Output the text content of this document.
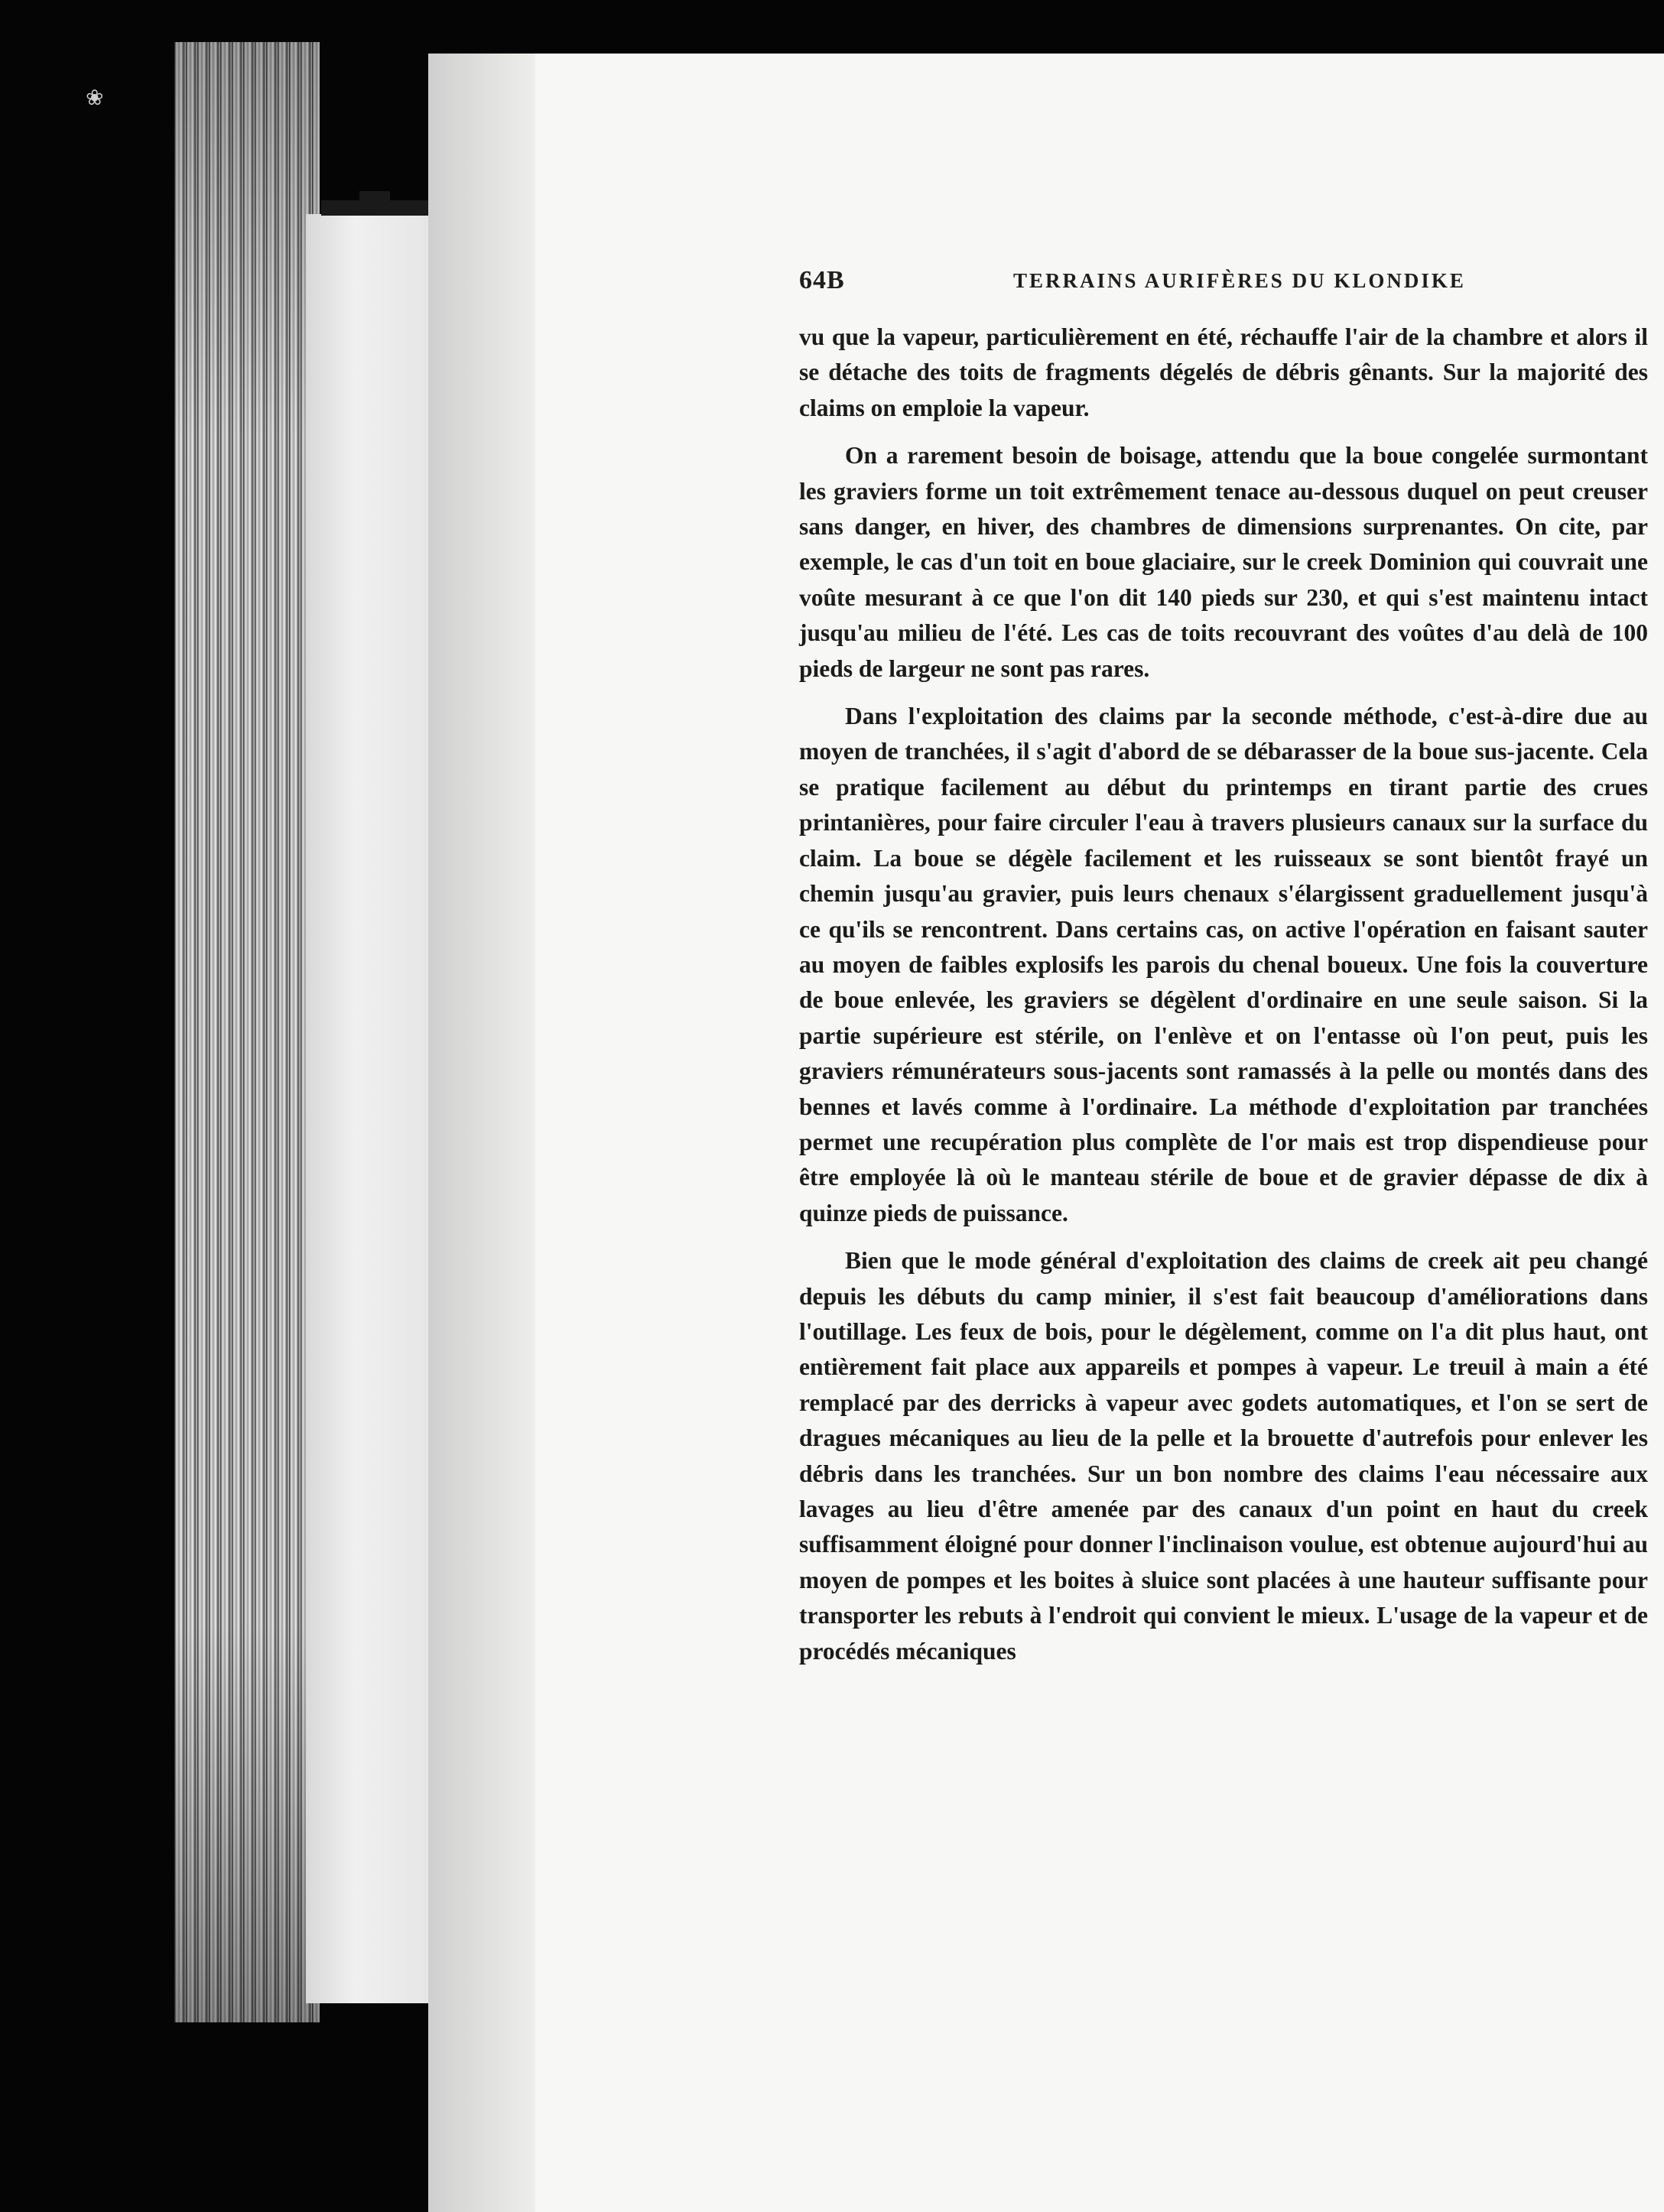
❀
64B	TERRAINS AURIFÈRES DU KLONDIKE

vu que la vapeur, particulièrement en été, réchauffe l'air de la chambre et alors il se détache des toits de fragments dégelés de débris gênants. Sur la majorité des claims on emploie la vapeur.

On a rarement besoin de boisage, attendu que la boue congelée surmontant les graviers forme un toit extrêmement tenace au-dessous duquel on peut creuser sans danger, en hiver, des chambres de dimensions surprenantes. On cite, par exemple, le cas d'un toit en boue glaciaire, sur le creek Dominion qui couvrait une voûte mesurant à ce que l'on dit 140 pieds sur 230, et qui s'est maintenu intact jusqu'au milieu de l'été. Les cas de toits recouvrant des voûtes d'au delà de 100 pieds de largeur ne sont pas rares.

Dans l'exploitation des claims par la seconde méthode, c'est-à-dire due au moyen de tranchées, il s'agit d'abord de se débarasser de la boue sus-jacente. Cela se pratique facilement au début du printemps en tirant partie des crues printanières, pour faire circuler l'eau à travers plusieurs canaux sur la surface du claim. La boue se dégèle facilement et les ruisseaux se sont bientôt frayé un chemin jusqu'au gravier, puis leurs chenaux s'élargissent graduellement jusqu'à ce qu'ils se rencontrent. Dans certains cas, on active l'opération en faisant sauter au moyen de faibles explosifs les parois du chenal boueux. Une fois la couverture de boue enlevée, les graviers se dégèlent d'ordinaire en une seule saison. Si la partie supérieure est stérile, on l'enlève et on l'entasse où l'on peut, puis les graviers rémunérateurs sous-jacents sont ramassés à la pelle ou montés dans des bennes et lavés comme à l'ordinaire. La méthode d'exploitation par tranchées permet une recupération plus complète de l'or mais est trop dispendieuse pour être employée là où le manteau stérile de boue et de gravier dépasse de dix à quinze pieds de puissance.

Bien que le mode général d'exploitation des claims de creek ait peu changé depuis les débuts du camp minier, il s'est fait beaucoup d'améliorations dans l'outillage. Les feux de bois, pour le dégèlement, comme on l'a dit plus haut, ont entièrement fait place aux appareils et pompes à vapeur. Le treuil à main a été remplacé par des derricks à vapeur avec godets automatiques, et l'on se sert de dragues mécaniques au lieu de la pelle et la brouette d'autrefois pour enlever les débris dans les tranchées. Sur un bon nombre des claims l'eau nécessaire aux lavages au lieu d'être amenée par des canaux d'un point en haut du creek suffisamment éloigné pour donner l'inclinaison voulue, est obtenue aujourd'hui au moyen de pompes et les boites à sluice sont placées à une hauteur suffisante pour transporter les rebuts à l'endroit qui convient le mieux. L'usage de la vapeur et de procédés mécaniques
